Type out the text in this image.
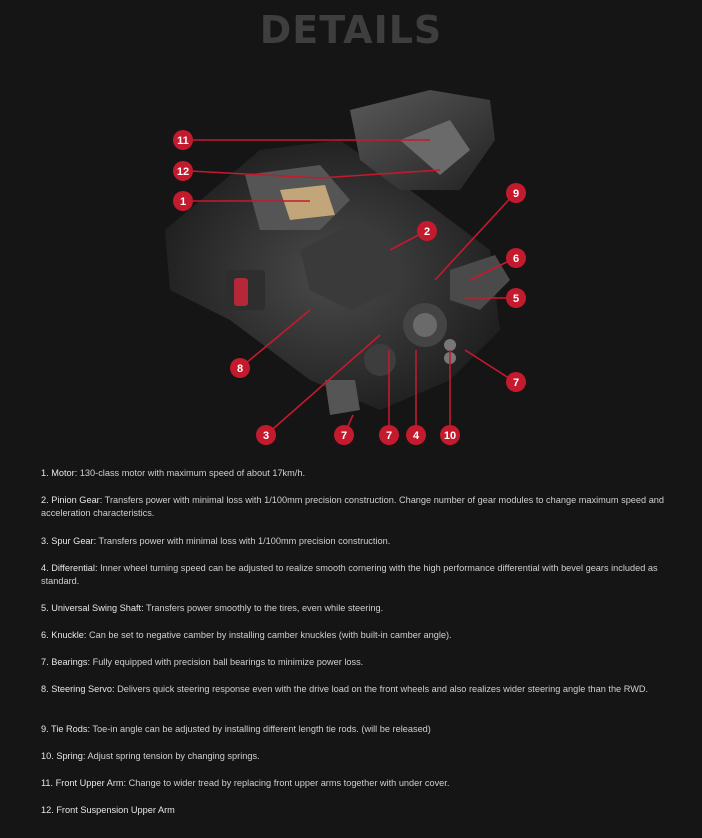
DETAILS
11
12
1
2
9
6
5
7
8
3	7	7 4 10
1. Motor: 130-class motor with maximum speed of about 17km/h.
2. Pinion Gear: Transfers power with minimal loss with 1/100mm precision construction. Change number of gear modules to change maximum speed and acceleration characteristics.
3. Spur Gear: Transfers power with minimal loss with 1/100mm precision construction.
4. Differential: Inner wheel turning speed can be adjusted to realize smooth cornering with the high performance differential with bevel gears included as standard.
5. Universal Swing Shaft: Transfers power smoothly to the tires, even while steering.
6. Knuckle: Can be set to negative camber by installing camber knuckles (with built-in camber angle).
7. Bearings: Fully equipped with precision ball bearings to minimize power loss.
8. Steering Servo: Delivers quick steering response even with the drive load on the front wheels and also realizes wider steering angle than the RWD.
9. Tie Rods: Toe-in angle can be adjusted by installing different length tie rods. (will be released)
10. Spring: Adjust spring tension by changing springs.
11. Front Upper Arm: Change to wider tread by replacing front upper arms together with under cover.
12. Front Suspension Upper Arm
